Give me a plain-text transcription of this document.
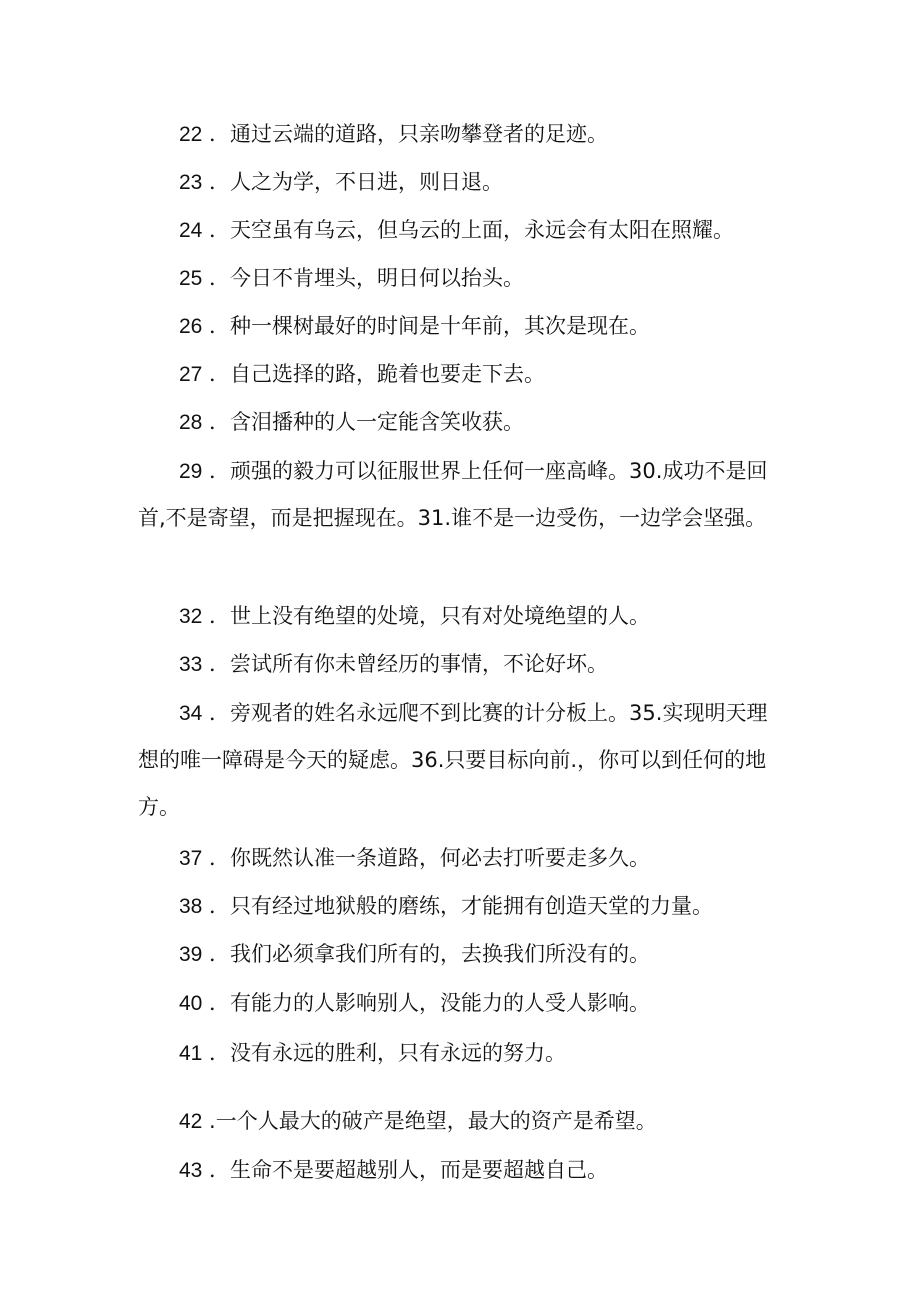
22 ．通过云端的道路，只亲吻攀登者的足迹。

23 ．人之为学，不日进，则日退。

24 ．天空虽有乌云，但乌云的上面，永远会有太阳在照耀。

25 ．今日不肯埋头，明日何以抬头。

26 ．种一棵树最好的时间是十年前，其次是现在。

27 ．自己选择的路，跪着也要走下去。

28 ．含泪播种的人一定能含笑收获。

29 ．顽强的毅力可以征服世界上任何一座高峰。30.成功不是回首,不是寄望，而是把握现在。31.谁不是一边受伤，一边学会坚强。

32 ．世上没有绝望的处境，只有对处境绝望的人。

33 ．尝试所有你未曾经历的事情，不论好坏。

34 ．旁观者的姓名永远爬不到比赛的计分板上。35.实现明天理想的唯一障碍是今天的疑虑。36.只要目标向前.，你可以到任何的地方。

37 ．你既然认准一条道路，何必去打听要走多久。

38 ．只有经过地狱般的磨练，才能拥有创造天堂的力量。

39 ．我们必须拿我们所有的，去换我们所没有的。

40 ．有能力的人影响别人，没能力的人受人影响。

41 ．没有永远的胜利，只有永远的努力。

42 .一个人最大的破产是绝望，最大的资产是希望。

43 ．生命不是要超越别人，而是要超越自己。
